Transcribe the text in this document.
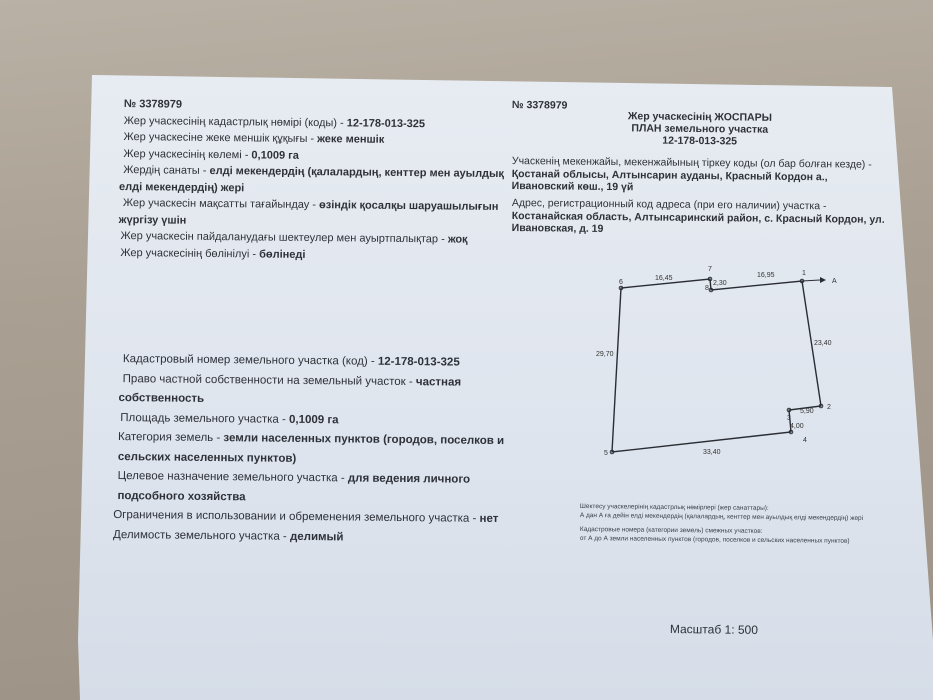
№ 3378979
Жер учаскесінің кадастрлық нөмірі (коды) - 12-178-013-325
Жер учаскесіне жеке меншік құқығы - жеке меншік
Жер учаскесінің көлемі - 0,1009 га
Жердің санаты - елді мекендердің (қалалардың, кенттер мен ауылдық
елді мекендердің) жері
Жер учаскесін мақсатты тағайындау - өзіндік қосалқы шаруашылығын
жүргізу үшін
Жер учаскесін пайдаланудағы шектеулер мен ауыртпалықтар - жоқ
Жер учаскесінің бөлінілуі - бөлінеді
Кадастровый номер земельного участка (код) - 12-178-013-325
Право частной собственности на земельный участок - частная
собственность
Площадь земельного участка - 0,1009 га
Категория земель - земли населенных пунктов (городов, поселков и
сельских населенных пунктов)
Целевое назначение земельного участка - для ведения личного
подсобного хозяйства
Ограничения в использовании и обременения земельного участка - нет
Делимость земельного участка - делимый
№ 3378979
Жер учаскесінің ЖОСПАРЫ
ПЛАН земельного участка
12-178-013-325
Учаскенің мекенжайы, мекенжайының тіркеу коды (ол бар болған кезде) -
Қостанай облысы, Алтынсарин ауданы, Красный Кордон а.,
Ивановский көш., 19 үй
Адрес, регистрационный код адреса (при его наличии) участка -
Костанайская область, Алтынсаринский район, с. Красный Кордон, ул.
Ивановская, д. 19
A
1
16,95
2
23,40
3
5,90
4
4,00
5	33,40
6
29,70
7
16,45
8
2,30
Шектесу учаскелерінің кадастрлық нөмірлері (жер санаттары):
А дан А ға дейін елді мекендердің (қалалардың, кенттер мен ауылдық елді мекендердің) жері
Кадастровые номера (категории земель) смежных участков:
от А до А земли населенных пунктов (городов, поселков и сельских населенных пунктов)
Масштаб 1: 500
